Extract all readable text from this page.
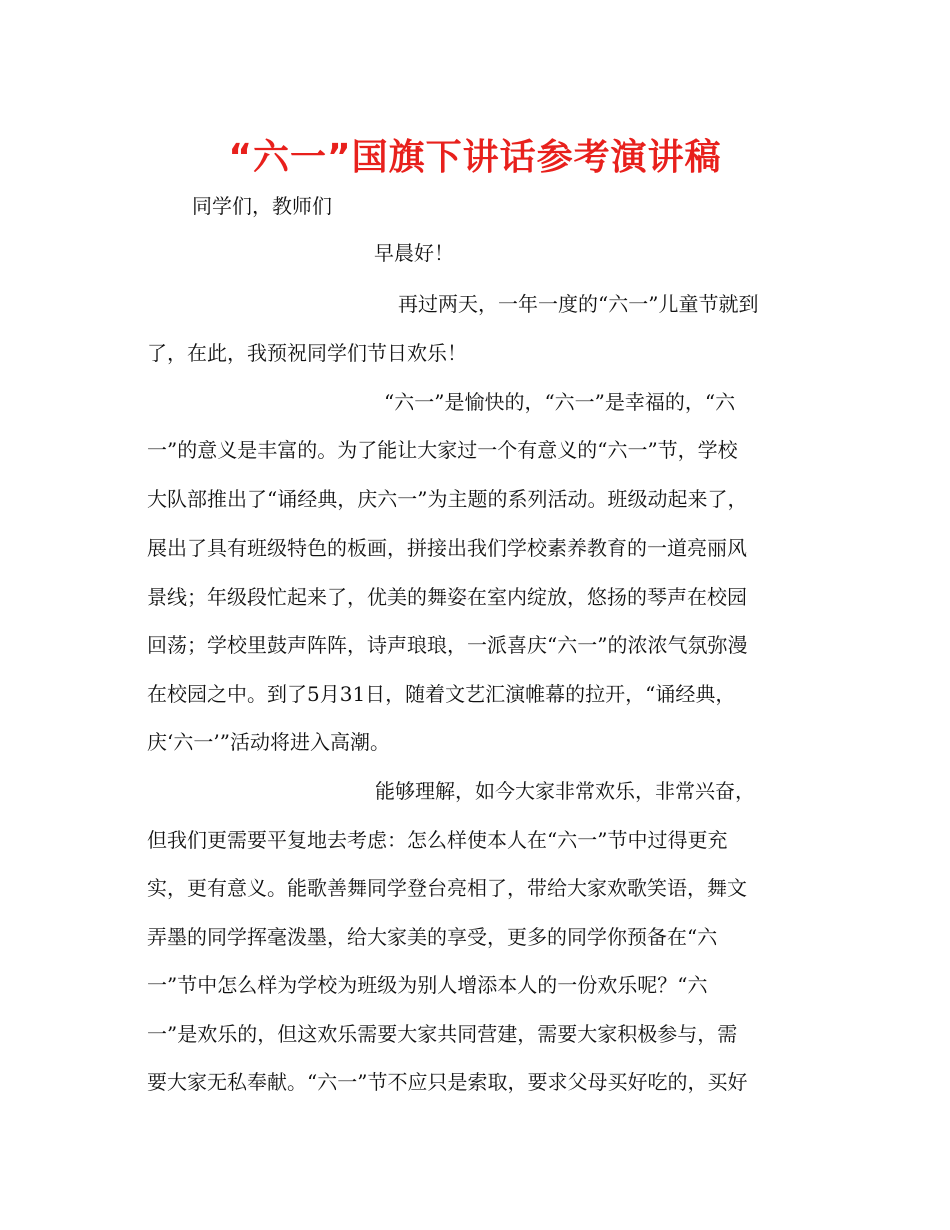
“六一”国旗下讲话参考演讲稿

同学们，教师们

早晨好！

再过两天，一年一度的“六一”儿童节就到

了，在此，我预祝同学们节日欢乐！

“六一”是愉快的，“六一”是幸福的，“六

一”的意义是丰富的。为了能让大家过一个有意义的“六一”节，学校

大队部推出了“诵经典，庆六一”为主题的系列活动。班级动起来了，

展出了具有班级特色的板画，拼接出我们学校素养教育的一道亮丽风

景线；年级段忙起来了，优美的舞姿在室内绽放，悠扬的琴声在校园

回荡；学校里鼓声阵阵，诗声琅琅，一派喜庆“六一”的浓浓气氛弥漫

在校园之中。到了5月31日，随着文艺汇演帷幕的拉开，“诵经典，

庆‘六一’”活动将进入高潮。

能够理解，如今大家非常欢乐，非常兴奋，

但我们更需要平复地去考虑：怎么样使本人在“六一”节中过得更充

实，更有意义。能歌善舞同学登台亮相了，带给大家欢歌笑语，舞文

弄墨的同学挥毫泼墨，给大家美的享受，更多的同学你预备在“六

一”节中怎么样为学校为班级为别人增添本人的一份欢乐呢？“六

一”是欢乐的，但这欢乐需要大家共同营建，需要大家积极参与，需

要大家无私奉献。“六一”节不应只是索取，要求父母买好吃的，买好
